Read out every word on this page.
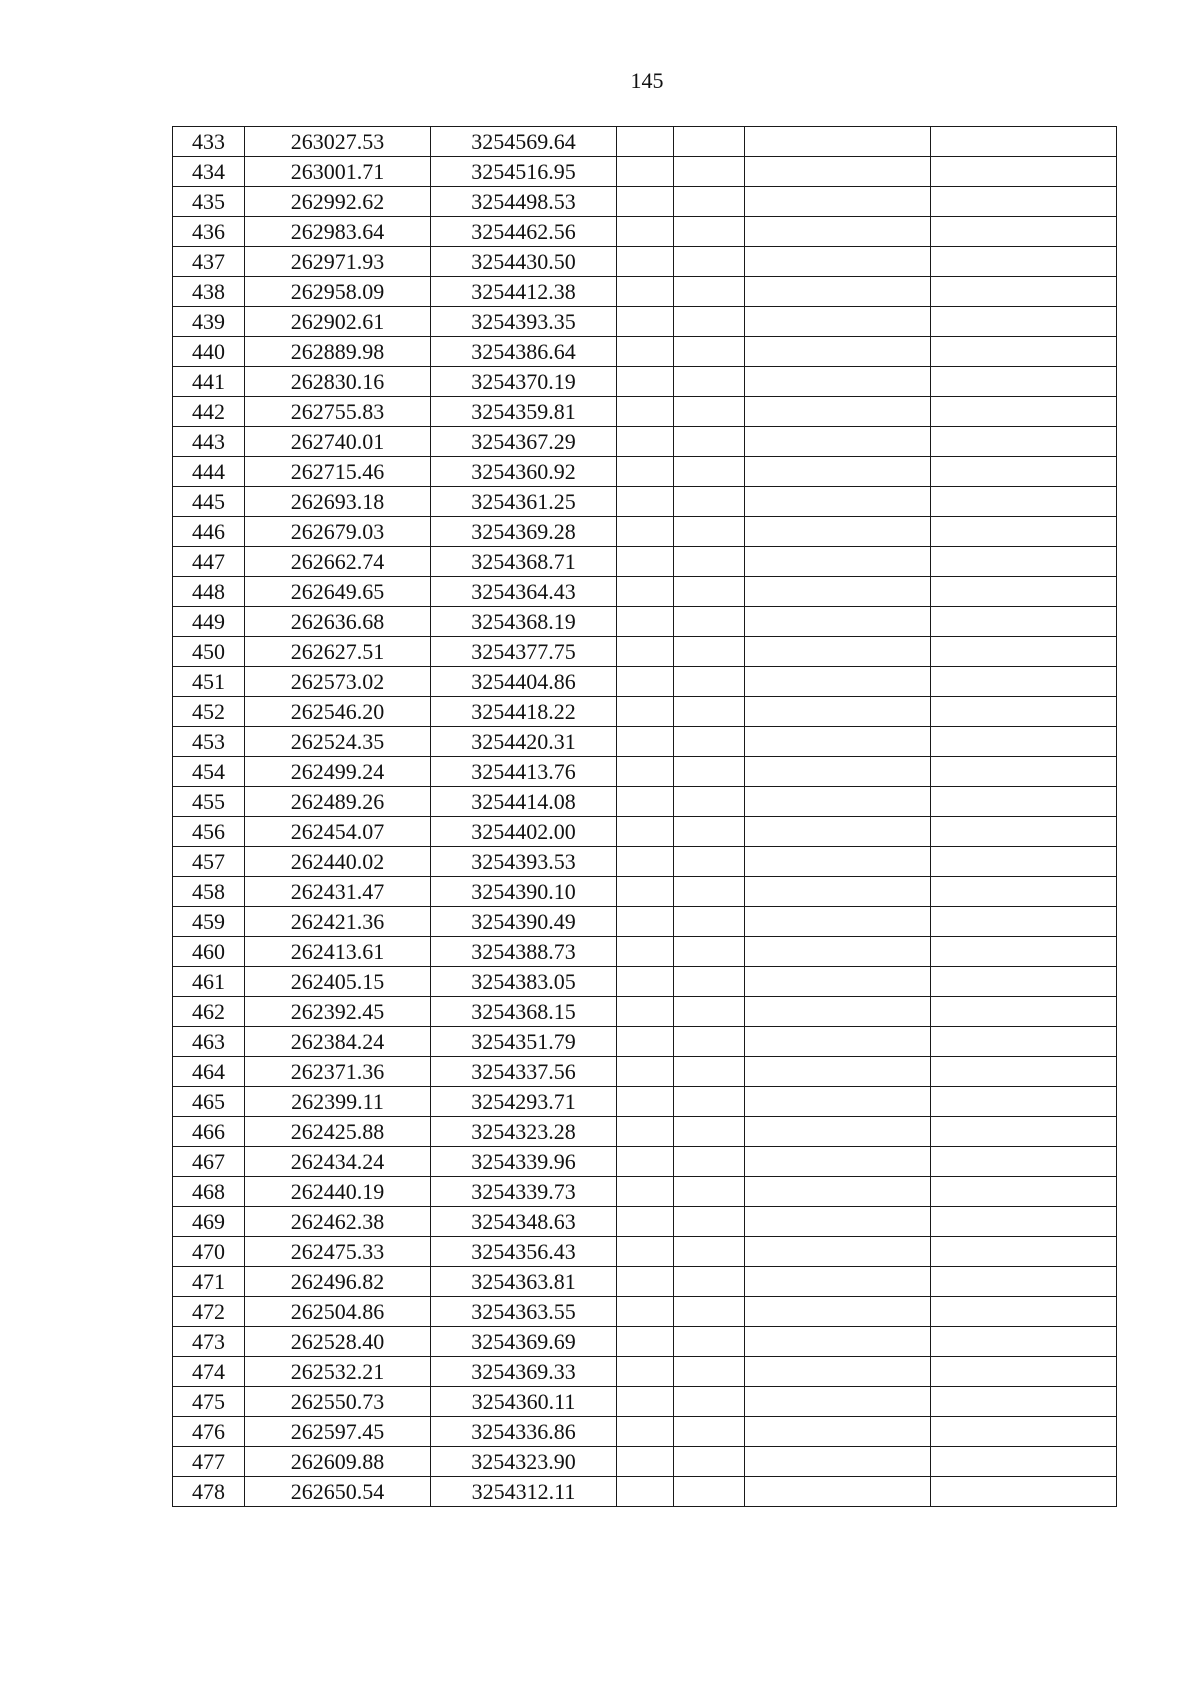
145
433	263027.53	3254569.64				
434	263001.71	3254516.95				
435	262992.62	3254498.53				
436	262983.64	3254462.56				
437	262971.93	3254430.50				
438	262958.09	3254412.38				
439	262902.61	3254393.35				
440	262889.98	3254386.64				
441	262830.16	3254370.19				
442	262755.83	3254359.81				
443	262740.01	3254367.29				
444	262715.46	3254360.92				
445	262693.18	3254361.25				
446	262679.03	3254369.28				
447	262662.74	3254368.71				
448	262649.65	3254364.43				
449	262636.68	3254368.19				
450	262627.51	3254377.75				
451	262573.02	3254404.86				
452	262546.20	3254418.22				
453	262524.35	3254420.31				
454	262499.24	3254413.76				
455	262489.26	3254414.08				
456	262454.07	3254402.00				
457	262440.02	3254393.53				
458	262431.47	3254390.10				
459	262421.36	3254390.49				
460	262413.61	3254388.73				
461	262405.15	3254383.05				
462	262392.45	3254368.15				
463	262384.24	3254351.79				
464	262371.36	3254337.56				
465	262399.11	3254293.71				
466	262425.88	3254323.28				
467	262434.24	3254339.96				
468	262440.19	3254339.73				
469	262462.38	3254348.63				
470	262475.33	3254356.43				
471	262496.82	3254363.81				
472	262504.86	3254363.55				
473	262528.40	3254369.69				
474	262532.21	3254369.33				
475	262550.73	3254360.11				
476	262597.45	3254336.86				
477	262609.88	3254323.90				
478	262650.54	3254312.11				
